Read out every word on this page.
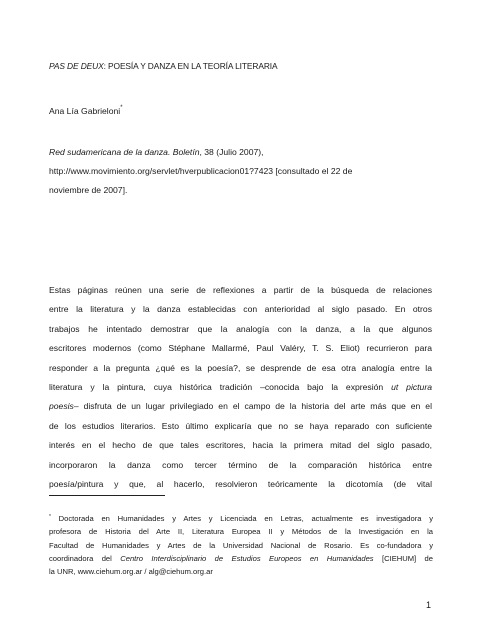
PAS DE DEUX: POESÍA Y DANZA EN LA TEORÍA LITERARIA
Ana Lía Gabrieloni*
Red sudamericana de la danza. Boletín, 38 (Julio 2007),
http://www.movimiento.org/servlet/hverpublicacion01?7423 [consultado el 22 de
noviembre de 2007].
Estas páginas reúnen una serie de reflexiones a partir de la búsqueda de relaciones
entre la literatura y la danza establecidas con anterioridad al siglo pasado. En otros
trabajos he intentado demostrar que la analogía con la danza, a la que algunos
escritores modernos (como Stéphane Mallarmé, Paul Valéry, T. S. Eliot) recurrieron para
responder a la pregunta ¿qué es la poesía?, se desprende de esa otra analogía entre la
literatura y la pintura, cuya histórica tradición –conocida bajo la expresión ut pictura
poesis– disfruta de un lugar privilegiado en el campo de la historia del arte más que en el
de los estudios literarios. Esto último explicaría que no se haya reparado con suficiente
interés en el hecho de que tales escritores, hacia la primera mitad del siglo pasado,
incorporaron la danza como tercer término de la comparación histórica entre
poesía/pintura y que, al hacerlo, resolvieron teóricamente la dicotomía (de vital
* Doctorada en Humanidades y Artes y Licenciada en Letras, actualmente es investigadora y
profesora de Historia del Arte II, Literatura Europea II y Métodos de la Investigación en la
Facultad de Humanidades y Artes de la Universidad Nacional de Rosario. Es co-fundadora y
coordinadora del Centro Interdisciplinario de Estudios Europeos en Humanidades [CIEHUM] de
la UNR, www.ciehum.org.ar / alg@ciehum.org.ar
1
